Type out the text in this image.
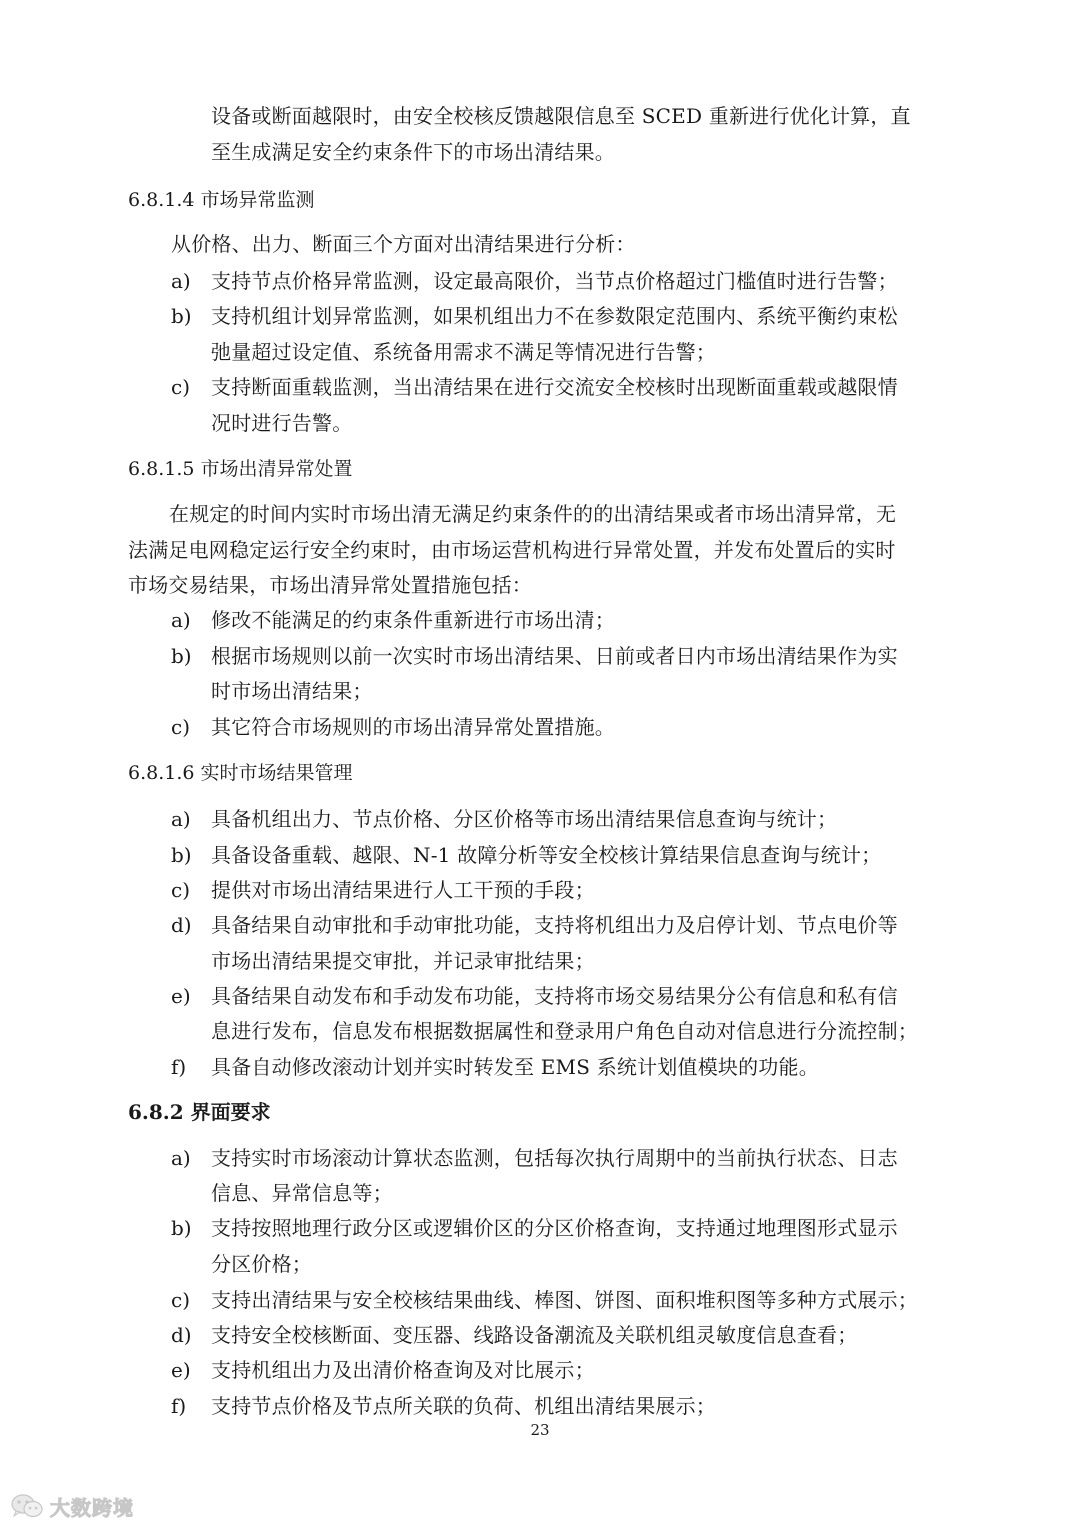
设备或断面越限时，由安全校核反馈越限信息至 SCED 重新进行优化计算，直
至生成满足安全约束条件下的市场出清结果。
6.8.1.4 市场异常监测
从价格、出力、断面三个方面对出清结果进行分析：
a) 支持节点价格异常监测，设定最高限价，当节点价格超过门槛值时进行告警；
b) 支持机组计划异常监测，如果机组出力不在参数限定范围内、系统平衡约束松
弛量超过设定值、系统备用需求不满足等情况进行告警；
c) 支持断面重载监测，当出清结果在进行交流安全校核时出现断面重载或越限情
况时进行告警。
6.8.1.5 市场出清异常处置
在规定的时间内实时市场出清无满足约束条件的的出清结果或者市场出清异常，无
法满足电网稳定运行安全约束时，由市场运营机构进行异常处置，并发布处置后的实时
市场交易结果，市场出清异常处置措施包括：
a) 修改不能满足的约束条件重新进行市场出清；
b) 根据市场规则以前一次实时市场出清结果、日前或者日内市场出清结果作为实
时市场出清结果；
c) 其它符合市场规则的市场出清异常处置措施。
6.8.1.6 实时市场结果管理
a) 具备机组出力、节点价格、分区价格等市场出清结果信息查询与统计；
b) 具备设备重载、越限、N-1 故障分析等安全校核计算结果信息查询与统计；
c) 提供对市场出清结果进行人工干预的手段；
d) 具备结果自动审批和手动审批功能，支持将机组出力及启停计划、节点电价等
市场出清结果提交审批，并记录审批结果；
e) 具备结果自动发布和手动发布功能，支持将市场交易结果分公有信息和私有信
息进行发布，信息发布根据数据属性和登录用户角色自动对信息进行分流控制；
f) 具备自动修改滚动计划并实时转发至 EMS 系统计划值模块的功能。
6.8.2 界面要求
a) 支持实时市场滚动计算状态监测，包括每次执行周期中的当前执行状态、日志
信息、异常信息等；
b) 支持按照地理行政分区或逻辑价区的分区价格查询，支持通过地理图形式显示
分区价格；
c) 支持出清结果与安全校核结果曲线、棒图、饼图、面积堆积图等多种方式展示；
d) 支持安全校核断面、变压器、线路设备潮流及关联机组灵敏度信息查看；
e) 支持机组出力及出清价格查询及对比展示；
f) 支持节点价格及节点所关联的负荷、机组出清结果展示；
23
大数跨境
